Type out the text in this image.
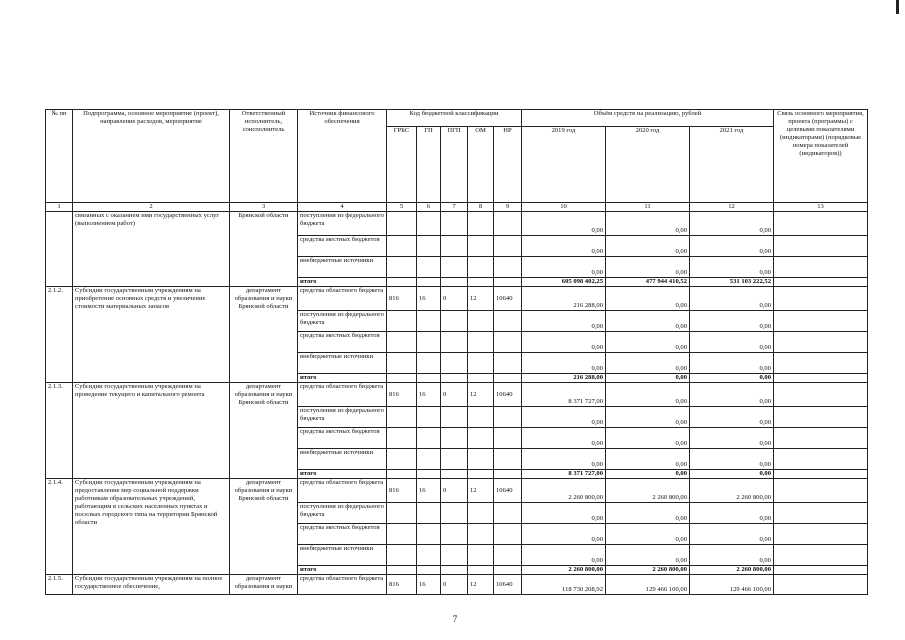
№ пп	Подпрограмма, основное мероприятие (проект), направление расходов, мероприятие	Ответственный исполнитель, соисполнитель	Источник финансового обеспечения	Код бюджетной классификации					Объём средств на реализацию, рублей			Связь основного мероприятия, проекта (программы) с целевыми показателями (индикаторами) (порядковые номера показателей (индикаторов))
				ГРБС	ГП	ПГП	ОМ	НР	2019 год	2020 год	2021 год	
1	2	3	4	5	6	7	8	9	10	11	12	13
	связанных с оказанием ими государственных услуг (выполнением работ)	Брянской области	поступления из федерального бюджета						0,00	0,00	0,00	
			средства местных бюджетов						0,00	0,00	0,00	
			внебюджетные источники						0,00	0,00	0,00	
			итого						605 098 402,25	477 944 410,52	531 103 222,52	
2.1.2.	Субсидии государственным учреждениям на приобретение основных средств и увеличение стоимости материальных запасов	департамент образования и науки Брянской области	средства областного бюджета	816	16	0	12	10640	216 288,00	0,00	0,00	
			поступления из федерального бюджета						0,00	0,00	0,00	
			средства местных бюджетов						0,00	0,00	0,00	
			внебюджетные источники						0,00	0,00	0,00	
			итого						216 288,00	0,00	0,00	
2.1.3.	Субсидии государственным учреждениям на проведение текущего и капитального ремонта	департамент образования и науки Брянской области	средства областного бюджета	816	16	0	12	10640	8 371 727,00	0,00	0,00	
			поступления из федерального бюджета						0,00	0,00	0,00	
			средства местных бюджетов						0,00	0,00	0,00	
			внебюджетные источники						0,00	0,00	0,00	
			итого						8 371 727,00	0,00	0,00	
2.1.4.	Субсидии государственным учреждениям на предоставление мер социальной поддержки работникам образовательных учреждений, работающим в сельских населенных пунктах и поселках городского типа на территории Брянской области	департамент образования и науки Брянской области	средства областного бюджета	816	16	0	12	10640	2 260 800,00	2 260 800,00	2 260 800,00	
			поступления из федерального бюджета						0,00	0,00	0,00	
			средства местных бюджетов						0,00	0,00	0,00	
			внебюджетные источники						0,00	0,00	0,00	
			итого						2 260 800,00	2 260 800,00	2 260 800,00	
2.1.5.	Субсидии государственным учреждениям на полное государственное обеспечение,	департамент образования и науки	средства областного бюджета	816	16	0	12	10640	118 730 208,92	129 466 100,00	129 466 100,00	
7
